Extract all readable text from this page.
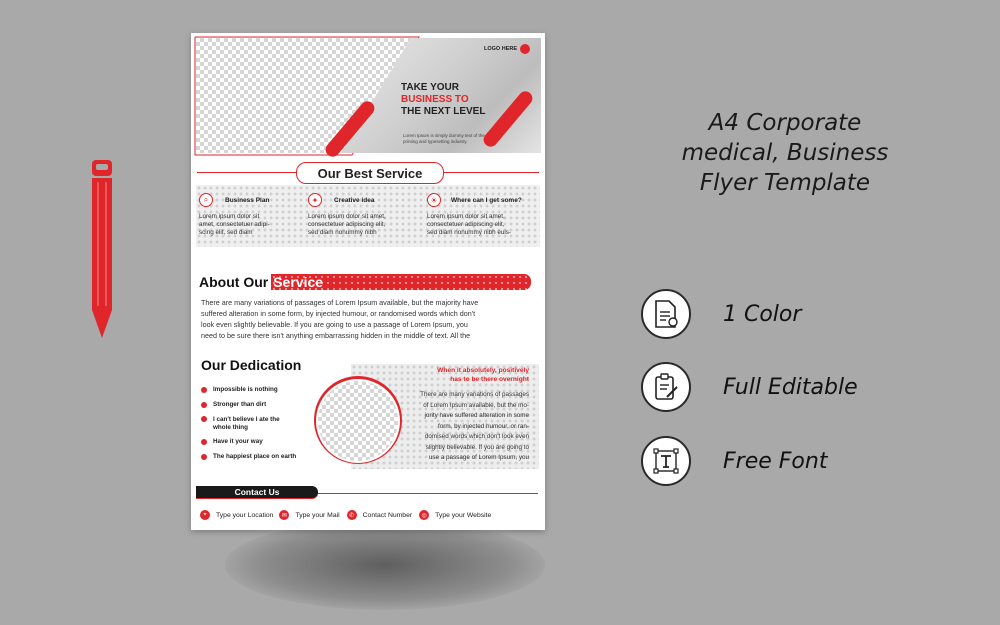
LOGO HERE
TAKE YOUR
BUSINESS TO
THE NEXT LEVEL
Lorem Ipsum is simply dummy text of the
printing and typesetting industry.
Our Best Service
⌕	Business Plan
Lorem ipsum dolor sit
amet, consectetuer adipi-
scing elit, sed diam
✦	Creative idea
Lorem ipsum dolor sit amet,
consectetuer adipiscing elit,
sed diam nonummy nibh
☀	Where can I get some?
Lorem ipsum dolor sit amet,
consectetuer adipiscing elit,
sed diam nonummy nibh euis-
About Our Service
There are many variations of passages of Lorem Ipsum available, but the majority have
suffered alteration in some form, by injected humour, or randomised words which don't
look even slightly believable. If you are going to use a passage of Lorem Ipsum, you
need to be sure there isn't anything embarrassing hidden in the middle of text. All the
Our Dedication
Impossible is nothing
Stronger than dirt
I can't believe I ate the
whole thing
Have it your way
The happiest place on earth
When it absolutely, positively
has to be there overnight
There are many variations of passages
of Lorem Ipsum available, but the mo-
jority have suffered alteration in some
form, by injected humour, or ran-
domised words which don't look even
slightly believable. If you are going to
use a passage of Lorem Ipsum, you
Contact Us
⌖	Type your Location	✉	Type your Mail	✆	Contact Number	◎	Type your Website
A4 Corporate
medical, Business
Flyer Template
1 Color
Full Editable
Free Font
